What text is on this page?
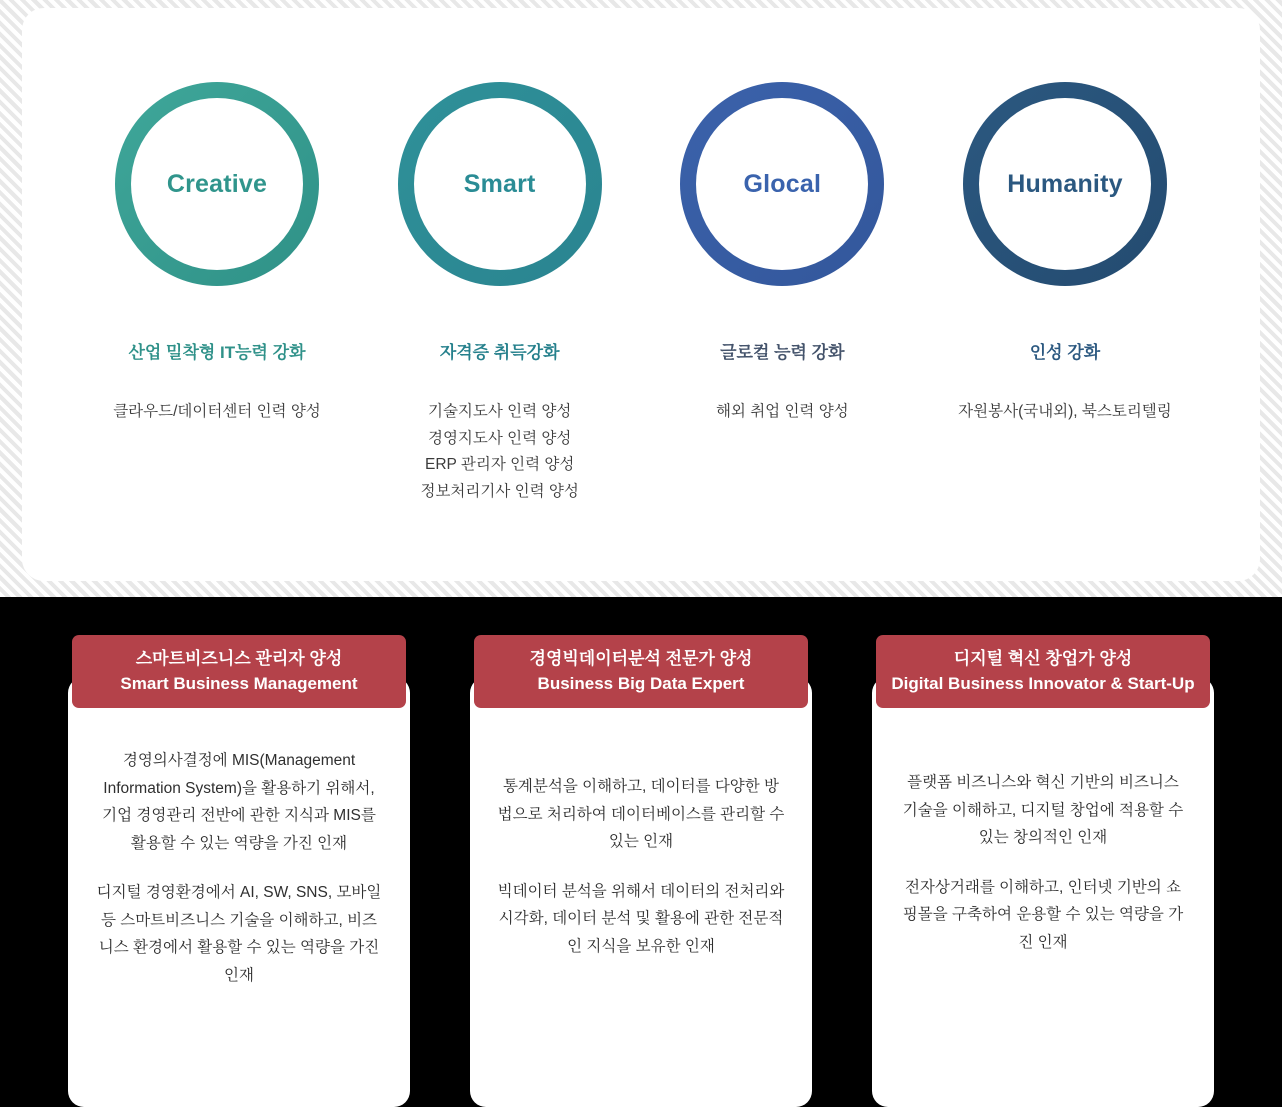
Creative
산업 밀착형 IT능력 강화
클라우드/데이터센터 인력 양성
Smart
자격증 취득강화
기술지도사 인력 양성
경영지도사 인력 양성
ERP 관리자 인력 양성
정보처리기사 인력 양성
Glocal
글로컬 능력 강화
해외 취업 인력 양성
Humanity
인성 강화
자원봉사(국내외), 북스토리텔링

경영의사결정에 MIS(Management Information System)을 활용하기 위해서, 기업 경영관리 전반에 관한 지식과 MIS를 활용할 수 있는 역량을 가진 인재

디지털 경영환경에서 AI, SW, SNS, 모바일 등 스마트비즈니스 기술을 이해하고, 비즈니스 환경에서 활용할 수 있는 역량을 가진 인재

스마트비즈니스 관리자 양성
Smart Business Management

통계분석을 이해하고, 데이터를 다양한 방법으로 처리하여 데이터베이스를 관리할 수 있는 인재

빅데이터 분석을 위해서 데이터의 전처리와 시각화, 데이터 분석 및 활용에 관한 전문적인 지식을 보유한 인재

경영빅데이터분석 전문가 양성
Business Big Data Expert

플랫폼 비즈니스와 혁신 기반의 비즈니스 기술을 이해하고, 디지털 창업에 적용할 수 있는 창의적인 인재

전자상거래를 이해하고, 인터넷 기반의 쇼핑몰을 구축하여 운용할 수 있는 역량을 가진 인재

디지털 혁신 창업가 양성
Digital Business Innovator & Start-Up
